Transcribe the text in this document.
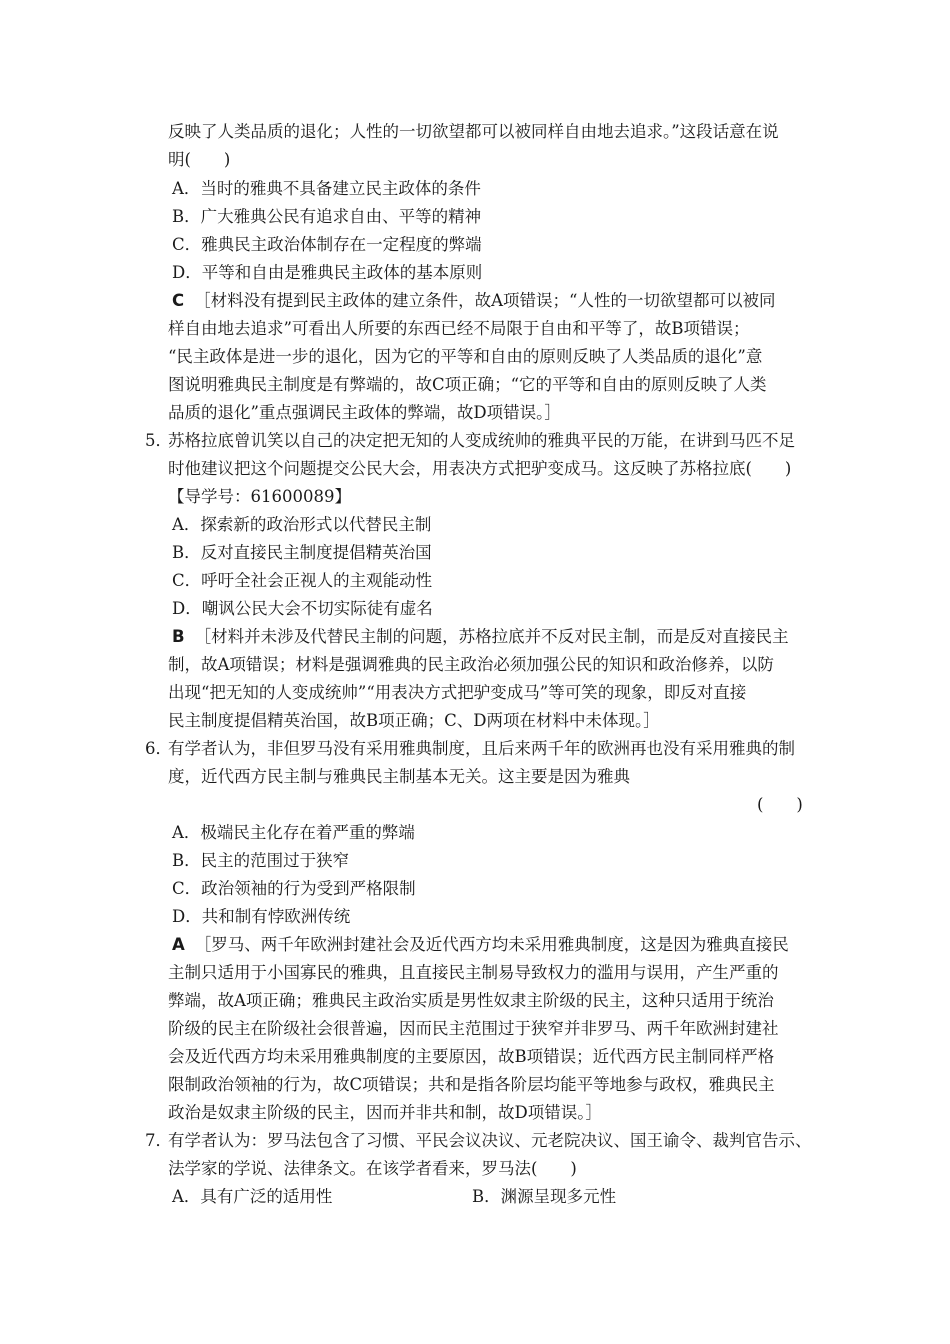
反映了人类品质的退化；人性的一切欲望都可以被同样自由地去追求。”这段话意在说
明(　　)
A．当时的雅典不具备建立民主政体的条件
B．广大雅典公民有追求自由、平等的精神
C．雅典民主政治体制存在一定程度的弊端
D．平等和自由是雅典民主政体的基本原则
C ［材料没有提到民主政体的建立条件，故A项错误；“人性的一切欲望都可以被同
样自由地去追求”可看出人所要的东西已经不局限于自由和平等了，故B项错误；
“民主政体是进一步的退化，因为它的平等和自由的原则反映了人类品质的退化”意
图说明雅典民主制度是有弊端的，故C项正确；“它的平等和自由的原则反映了人类
品质的退化”重点强调民主政体的弊端，故D项错误。］
5．
苏格拉底曾讥笑以自己的决定把无知的人变成统帅的雅典平民的万能，在讲到马匹不足
时他建议把这个问题提交公民大会，用表决方式把驴变成马。这反映了苏格拉底(　　)
【导学号：61600089】
A．探索新的政治形式以代替民主制
B．反对直接民主制度提倡精英治国
C．呼吁全社会正视人的主观能动性
D．嘲讽公民大会不切实际徒有虚名
B ［材料并未涉及代替民主制的问题，苏格拉底并不反对民主制，而是反对直接民主
制，故A项错误；材料是强调雅典的民主政治必须加强公民的知识和政治修养，以防
出现“把无知的人变成统帅”“用表决方式把驴变成马”等可笑的现象，即反对直接
民主制度提倡精英治国，故B项正确；C、D两项在材料中未体现。］
6．
有学者认为，非但罗马没有采用雅典制度，且后来两千年的欧洲再也没有采用雅典的制
度，近代西方民主制与雅典民主制基本无关。这主要是因为雅典
(　　)
A．极端民主化存在着严重的弊端
B．民主的范围过于狭窄
C．政治领袖的行为受到严格限制
D．共和制有悖欧洲传统
A ［罗马、两千年欧洲封建社会及近代西方均未采用雅典制度，这是因为雅典直接民
主制只适用于小国寡民的雅典，且直接民主制易导致权力的滥用与误用，产生严重的
弊端，故A项正确；雅典民主政治实质是男性奴隶主阶级的民主，这种只适用于统治
阶级的民主在阶级社会很普遍，因而民主范围过于狭窄并非罗马、两千年欧洲封建社
会及近代西方均未采用雅典制度的主要原因，故B项错误；近代西方民主制同样严格
限制政治领袖的行为，故C项错误；共和是指各阶层均能平等地参与政权，雅典民主
政治是奴隶主阶级的民主，因而并非共和制，故D项错误。］
7．
有学者认为：罗马法包含了习惯、平民会议决议、元老院决议、国王谕令、裁判官告示、
法学家的学说、法律条文。在该学者看来，罗马法(　　)
A．具有广泛的适用性	B．渊源呈现多元性
